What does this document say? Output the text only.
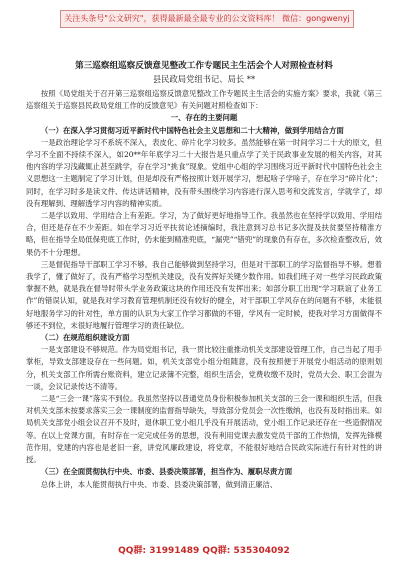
关注头条号"公文研究"，获得最新最全最专业的公文资料库！ 微信：gongwenyj
第三巡察组巡察反馈意见整改工作专题民主生活会个人对照检查材料
县民政局党组书记、局长 **

按照《局党组关于召开第三巡察组巡察反馈意见整改工作专题民主生活会的实施方案》要求，我就《第三巡察组关于巡察县民政局党组工作的反馈意见》有关问题对照检查如下：

一、存在的主要问题

（一）在深入学习贯彻习近平新时代中国特色社会主义思想和二十大精神，做到学用结合方面

一是政治理论学习不系统不深入，表皮化、碎片化学习较多。虽然能够在第一时间学习二十大的原文，但学习不全面不持续不深入，如20**年年底学习二十大报告是只重点学了关于民政事业发展的相关内容，对其他内容的学习浅藏辄止甚至跳学，存在学习“挑食”现象。党组中心组的学习围绕习近平新时代中国特色社会主义思想这一主题制定了学习计划，但是却没有严格按照计划开展学习，想起啥子学啥子，存在学习“碎片化”；同时，在学习时多是读文件、传达讲话精神，没有带头围绕学习内容进行深入思考和交流发言，学就学了，却没有理解到、理解透学习内容的精神实质。

二是学以致用、学用结合上有差距。学习，为了做好更好地指导工作。我虽然也在坚持学以致用、学用结合，但还是存在不少差距。如在学习习近平扶贫论述摘编时，我注意到习总书记多次提及扶贫要坚持精准方略，但在指导全局低保兜底工作时，仍未能到精准兜底，“漏兜”“错兜”的现象仍有存在，多次检查整改后，效果仍不十分理想。

三是督促指导干部职工学习不够。我自己能够做到坚持学习，但是对干部职工的学习监督指导不够。想着我学了，懂了做好了，没有严格学习型机关建设，没有发挥好关键少数作用。如我们班子对一些学习民政政策掌握不熟，就是我在督导时带头学业务政策这块的作用还没有发挥出来；如部分职工出现“学习联谊了业务工作”的错误认知，就是我对学习教育管理机制还没有较好的健全，对干部职工学风存在的问题有不够，未能很好地服务学习的针对性，单方面的认识为大家工作学习都做的不错，学风有一定时候，使我对学习方面做得不够还不到位，未很好地履行管理学习的责任缺位。

（二）在规范组织建设方面

一是支部建设不够规范。作为局党组书记，我一贯比较注重推动机关支部建设管理工作，自己当起了甩手掌柜，导致支部建设存在一些问题。如，机关支部党小组分组随意，没有按照便于开展党小组活动的原则划分，机关支部工作所需台账资料，建立记录簿不完整，组织生活会，党费收缴不及时，党员大会、职工会混为一谈，会议记录传达不清等。

二是“三会一课”落实不到位。我虽然坚持以普通党员身份积极参加机关支部的三会一课和组织生活，但我对机关支部未按要求落实三会一课制度的监督指导缺失，导致部分党员会一次性缴纳，也没有及时指出来。如局机关支部党小组会议召开不及时，退休职工党小组几乎没有开展活动，党小组工作记录还存在一些造假情况等。在以上党课方面，有时存在一定完成任务的思想，没有利用党课去激发党员干部的工作热情，发挥先锋模范作用，党建的内容也是老旧一套，讲党风廉政建设，将党章，不能很好地结合民政实际进行有针对性的讲授。

（三）在全面贯彻执行中央、市委、县委决策部署，担当作为、履职尽责方面

总体上讲，本人能贯彻执行中央、市委、县委决策部署，做到清正廉洁、

QQ群: 31991489 QQ群: 535304092
